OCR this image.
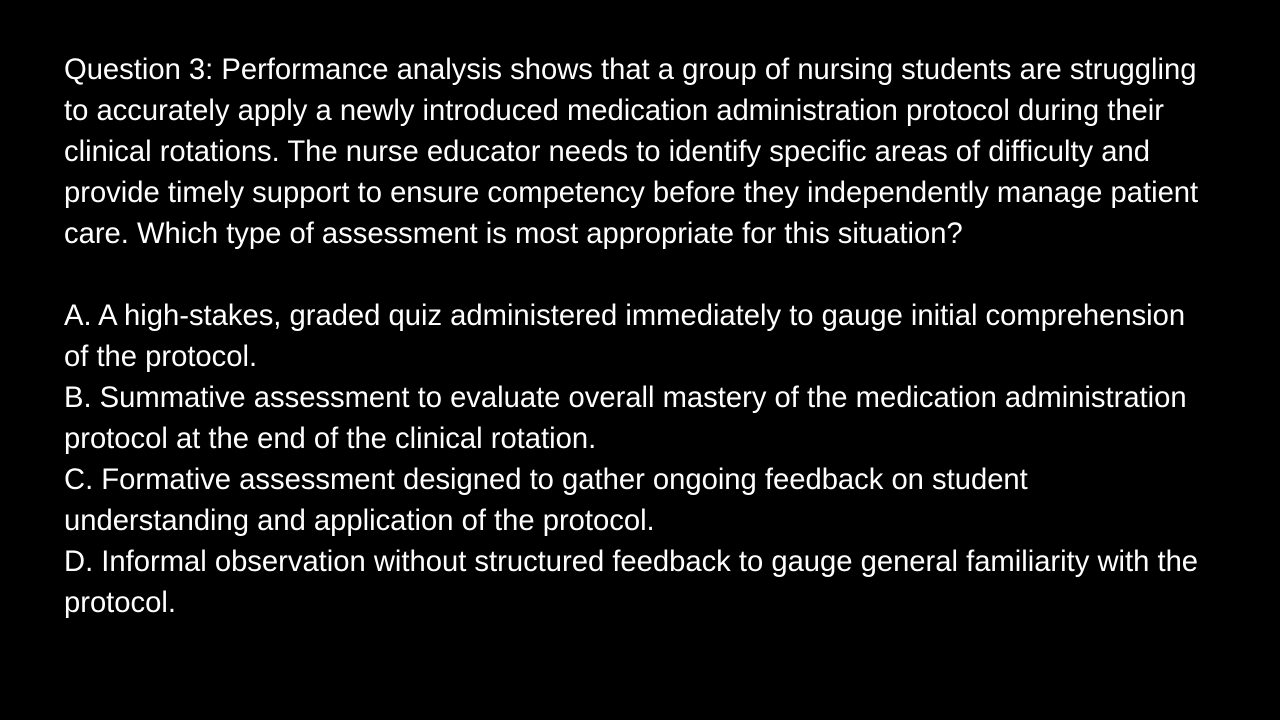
Question 3: Performance analysis shows that a group of nursing students are struggling to accurately apply a newly introduced medication administration protocol during their clinical rotations. The nurse educator needs to identify specific areas of difficulty and provide timely support to ensure competency before they independently manage patient care. Which type of assessment is most appropriate for this situation?

A. A high-stakes, graded quiz administered immediately to gauge initial comprehension of the protocol.
B. Summative assessment to evaluate overall mastery of the medication administration protocol at the end of the clinical rotation.
C. Formative assessment designed to gather ongoing feedback on student understanding and application of the protocol.
D. Informal observation without structured feedback to gauge general familiarity with the protocol.
